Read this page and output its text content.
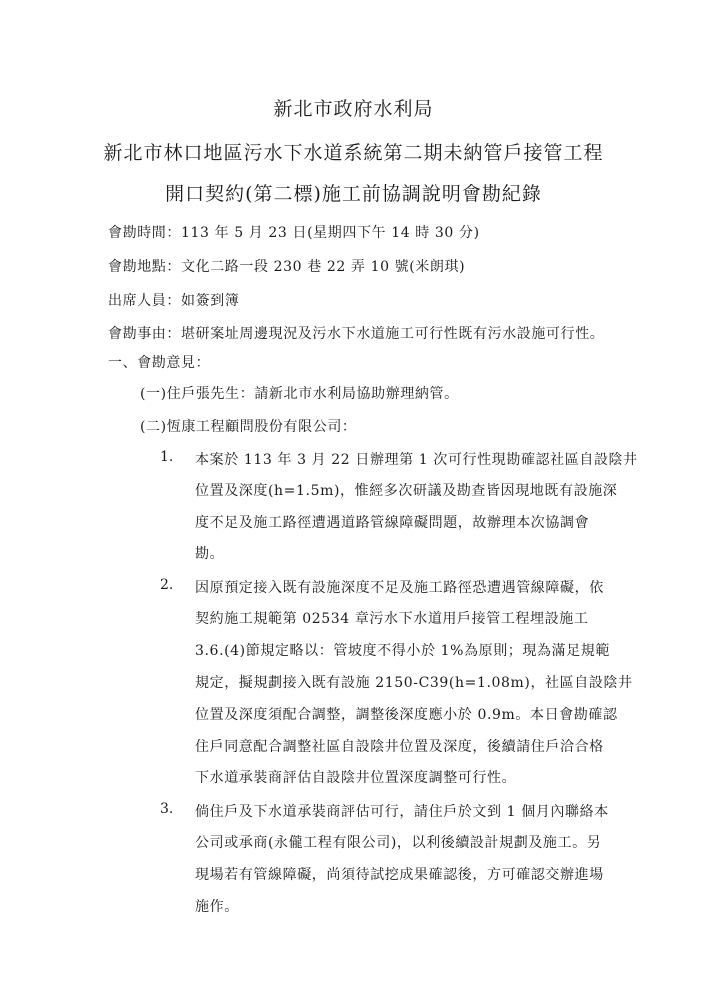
新北市政府水利局
新北市林口地區污水下水道系統第二期未納管戶接管工程
開口契約(第二標)施工前協調說明會勘紀錄
會勘時間：113 年 5 月 23 日(星期四下午 14 時 30 分)
會勘地點：文化二路一段 230 巷 22 弄 10 號(米朗琪)
出席人員：如簽到簿
會勘事由：堪研案址周邊現況及污水下水道施工可行性既有污水設施可行性。
一、會勘意見：
(一)住戶張先生：請新北市水利局協助辦理納管。
(二)恆康工程顧問股份有限公司：
1. 本案於 113 年 3 月 22 日辦理第 1 次可行性現勘確認社區自設陰井
位置及深度(h=1.5m)，惟經多次研議及勘查皆因現地既有設施深
度不足及施工路徑遭遇道路管線障礙問題，故辦理本次協調會
勘。
2. 因原預定接入既有設施深度不足及施工路徑恐遭遇管線障礙，依
契約施工規範第 02534 章污水下水道用戶接管工程埋設施工
3.6.(4)節規定略以：管坡度不得小於 1%為原則；現為滿足規範
規定，擬規劃接入既有設施 2150-C39(h=1.08m)，社區自設陰井
位置及深度須配合調整，調整後深度應小於 0.9m。本日會勘確認
住戶同意配合調整社區自設陰井位置及深度，後續請住戶洽合格
下水道承裝商評估自設陰井位置深度調整可行性。
3. 倘住戶及下水道承裝商評估可行，請住戶於文到 1 個月內聯絡本
公司或承商(永儱工程有限公司)，以利後續設計規劃及施工。另
現場若有管線障礙，尚須待試挖成果確認後，方可確認交辦進場
施作。
